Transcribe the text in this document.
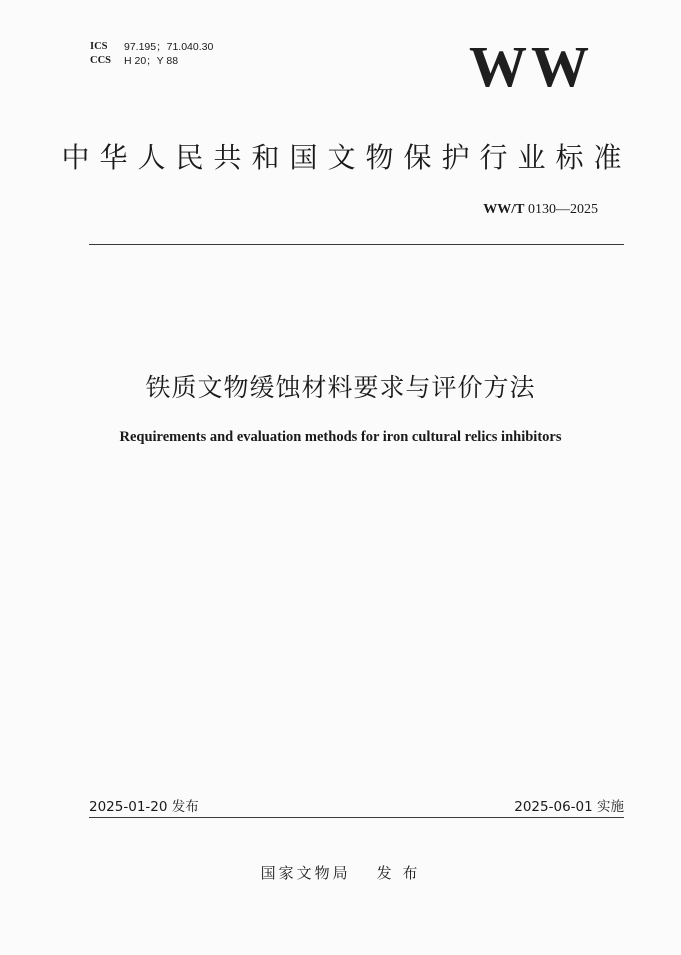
ICS	97.195；71.040.30
CCS	H 20；Y 88	WW
中华人民共和国文物保护行业标准
WW/T 0130—2025
铁质文物缓蚀材料要求与评价方法
Requirements and evaluation methods for iron cultural relics inhibitors
2025-01-20 发布	2025-06-01 实施
国家文物局 发 布
